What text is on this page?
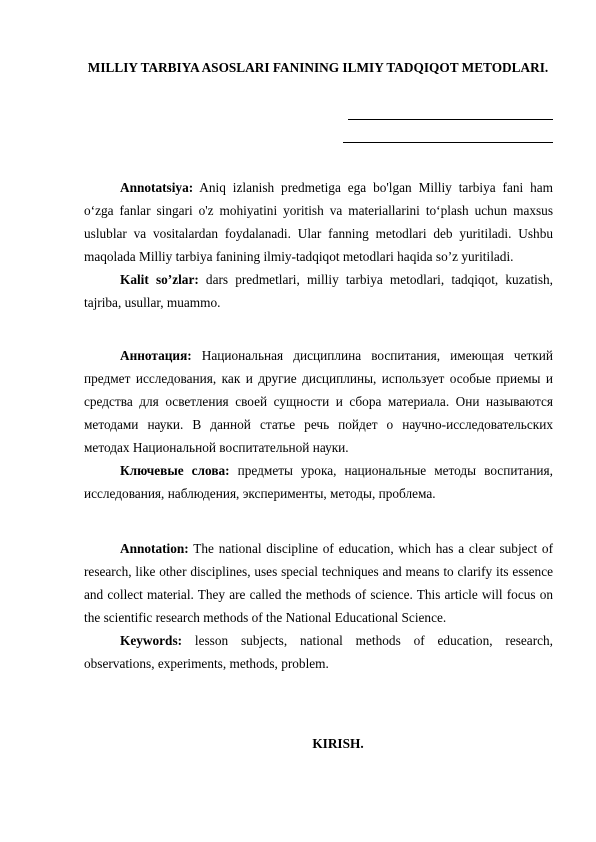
MILLIY TARBIYA ASOSLARI FANINING ILMIY TADQIQOT METODLARI.

Annotatsiya: Aniq izlanish predmetiga ega bo'lgan Milliy tarbiya fani ham o‘zga fanlar singari o'z mohiyatini yoritish va materiallarini to‘plash uchun maxsus uslublar va vositalardan foydalanadi. Ular fanning metodlari deb yuritiladi. Ushbu maqolada Milliy tarbiya fanining ilmiy-tadqiqot metodlari haqida so’z yuritiladi.

Kalit so’zlar: dars predmetlari, milliy tarbiya metodlari, tadqiqot, kuzatish, tajriba, usullar, muammo.

Аннотация: Национальная дисциплина воспитания, имеющая четкий предмет исследования, как и другие дисциплины, использует особые приемы и средства для осветления своей сущности и сбора материала. Они называются методами науки. В данной статье речь пойдет о научно-исследовательских методах Национальной воспитательной науки.

Ключевые слова: предметы урока, национальные методы воспитания, исследования, наблюдения, эксперименты, методы, проблема.

Annotation: The national discipline of education, which has a clear subject of research, like other disciplines, uses special techniques and means to clarify its essence and collect material. They are called the methods of science. This article will focus on the scientific research methods of the National Educational Science.

Keywords: lesson subjects, national methods of education, research, observations, experiments, methods, problem.

KIRISH.
